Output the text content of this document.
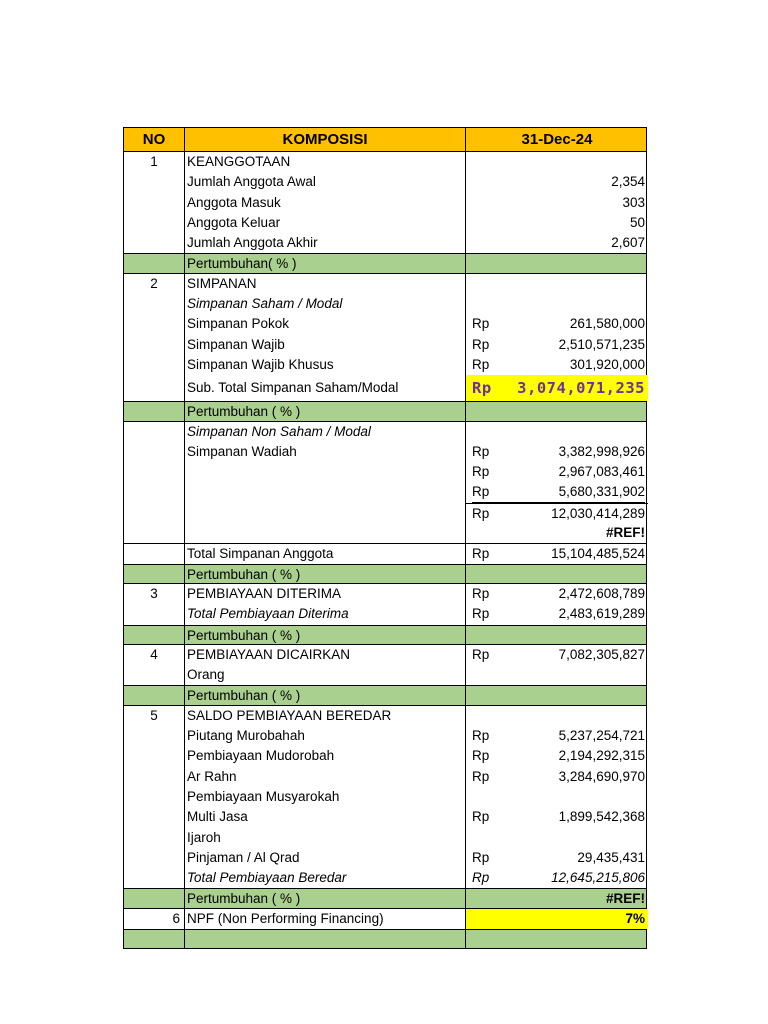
NO	KOMPOSISI	31-Dec-24
1	KEANGGOTAAN
Jumlah Anggota Awal	2,354
Anggota Masuk	303
Anggota Keluar	50
Jumlah Anggota Akhir	2,607
Pertumbuhan( % )
2	SIMPANAN
Simpanan Saham / Modal
Simpanan Pokok	Rp	261,580,000
Simpanan Wajib	Rp	2,510,571,235
Simpanan Wajib Khusus	Rp	301,920,000
Sub. Total Simpanan Saham/Modal	Rp	3,074,071,235
Pertumbuhan ( % )
Simpanan Non Saham / Modal
Simpanan Wadiah	Rp	3,382,998,926
Rp	2,967,083,461
Rp	5,680,331,902
Rp	12,030,414,289
#REF!
Total Simpanan Anggota	Rp	15,104,485,524
Pertumbuhan ( % )
3	PEMBIAYAAN DITERIMA	Rp	2,472,608,789
Total Pembiayaan Diterima	Rp	2,483,619,289
Pertumbuhan ( % )
4	PEMBIAYAAN DICAIRKAN	Rp	7,082,305,827
Orang
Pertumbuhan ( % )
5	SALDO PEMBIAYAAN BEREDAR
Piutang Murobahah	Rp	5,237,254,721
Pembiayaan Mudorobah	Rp	2,194,292,315
Ar Rahn	Rp	3,284,690,970
Pembiayaan Musyarokah
Multi Jasa	Rp	1,899,542,368
Ijaroh
Pinjaman / Al Qrad	Rp	29,435,431
Total Pembiayaan Beredar	Rp	12,645,215,806
Pertumbuhan ( % )	#REF!
6 NPF (Non Performing Financing)	7%
